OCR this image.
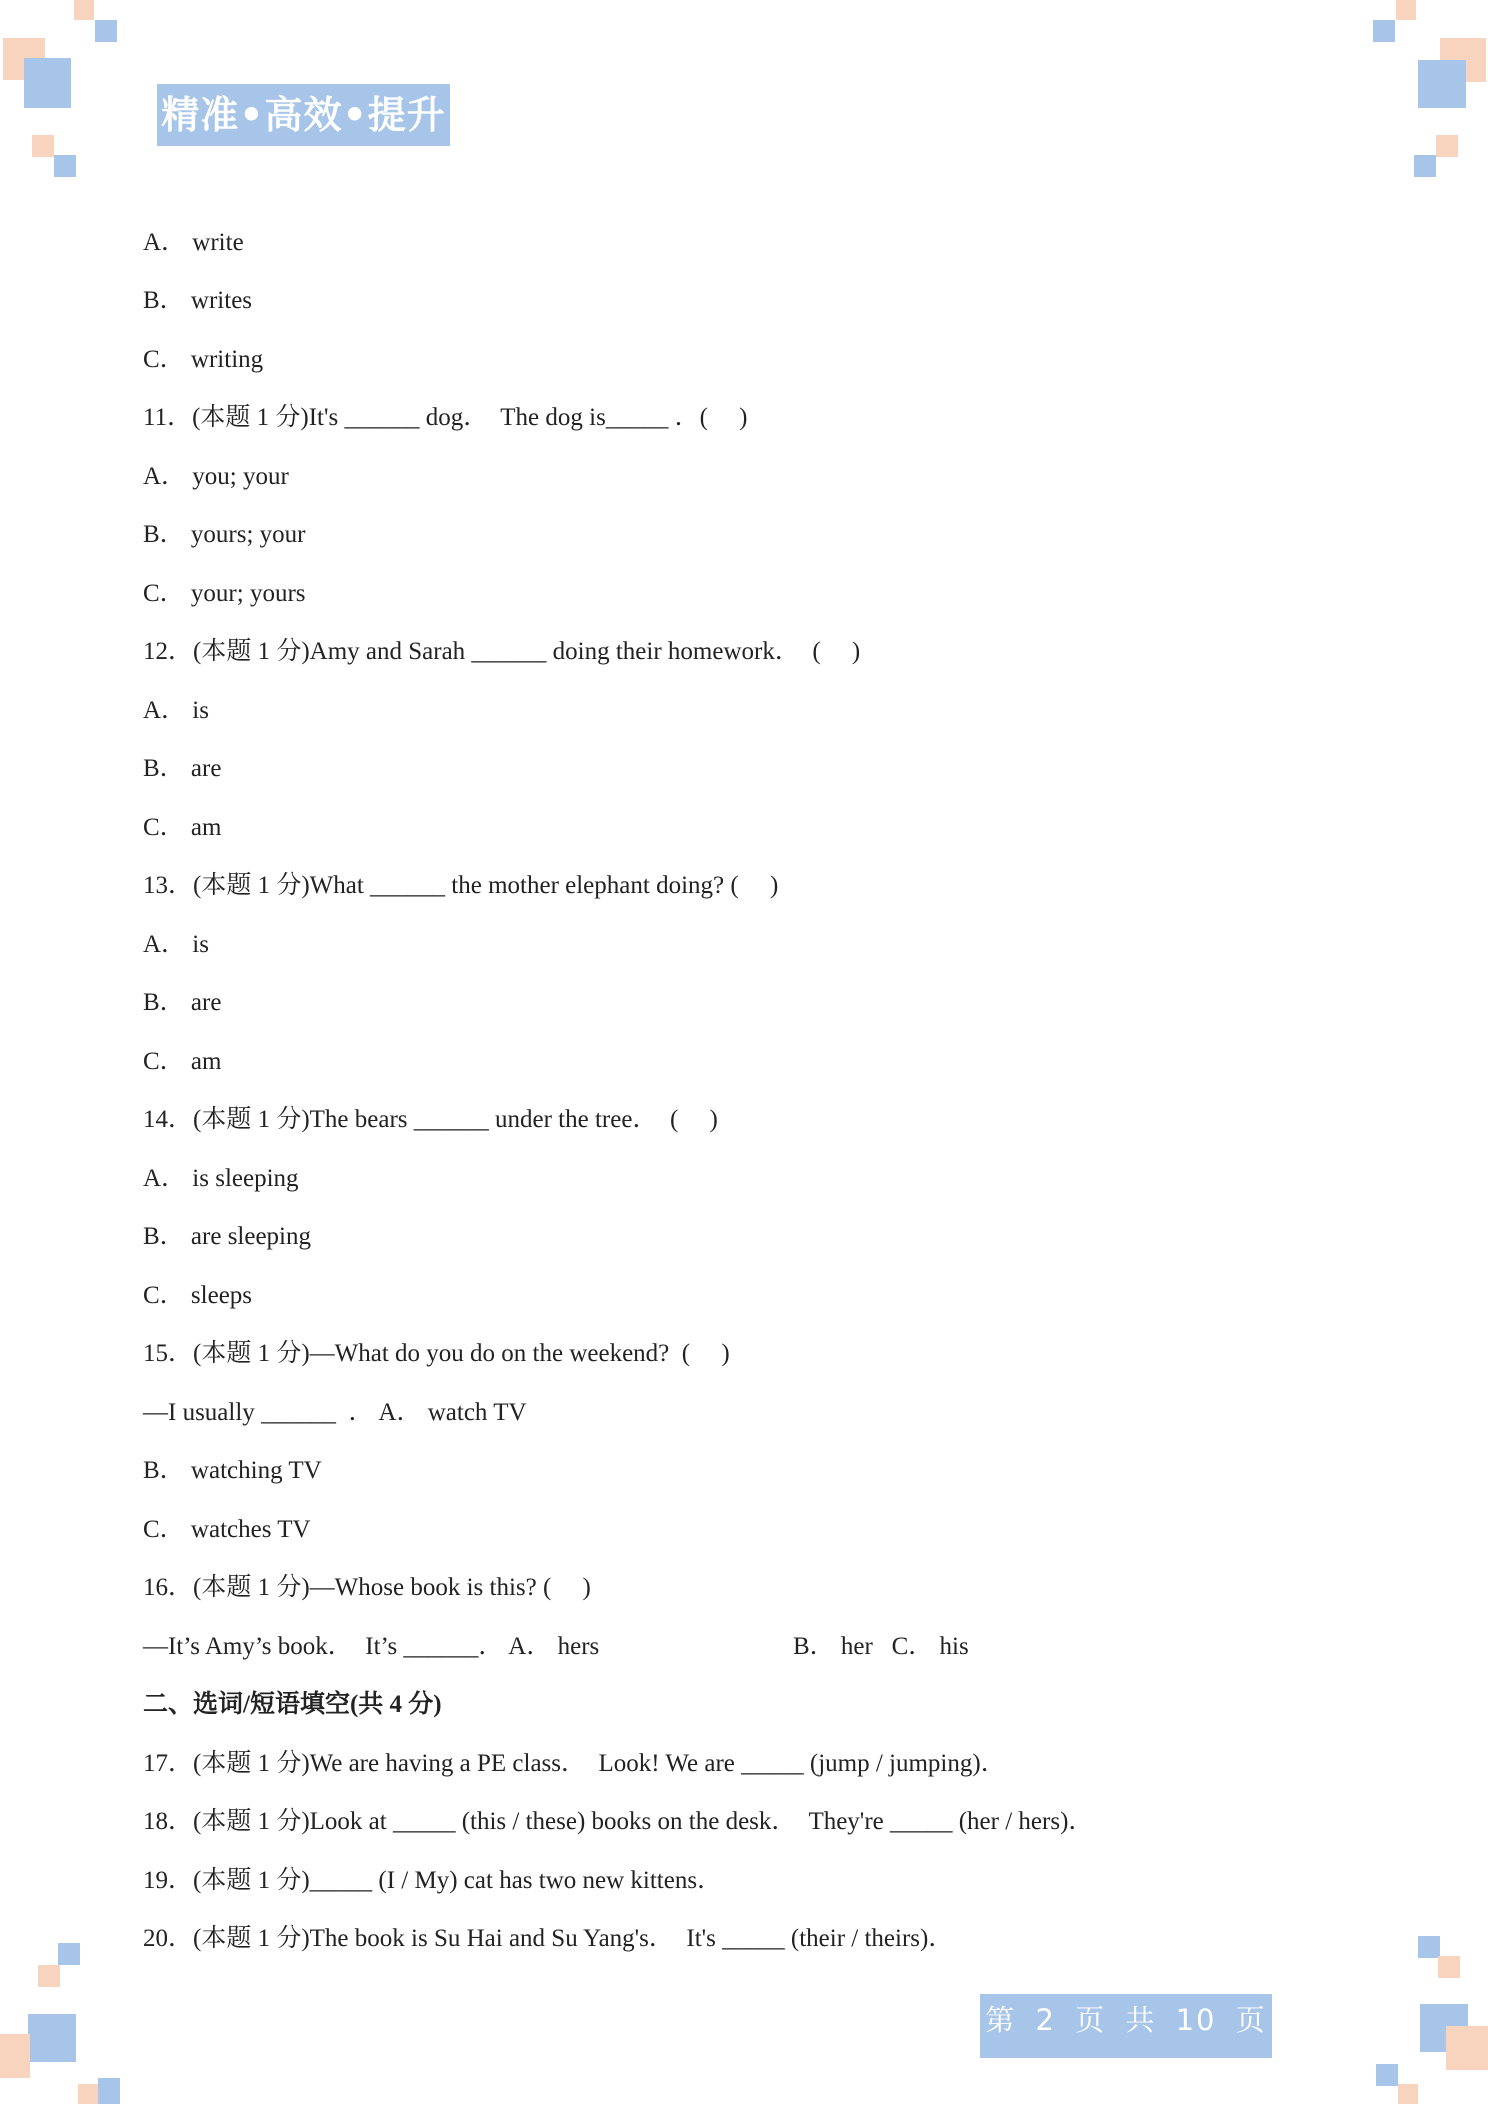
精准•高效•提升
A． write
B． writes
C． writing
11．(本题 1 分)It's ______ dog．  The dog is_____ ．(     )
A． you; your
B． yours; your
C． your; yours
12．(本题 1 分)Amy and Sarah ______ doing their homework．  (     )
A． is
B． are
C． am
13．(本题 1 分)What ______ the mother elephant doing? (     )
A． is
B． are
C． am
14．(本题 1 分)The bears ______ under the tree．  (     )
A． is sleeping
B． are sleeping
C． sleeps
15．(本题 1 分)—What do you do on the weekend?  (     )
—I usually ______  ． A． watch TV
B． watching TV
C． watches TV
16．(本题 1 分)—Whose book is this? (     )
—It’s Amy’s book．  It’s ______． A． hers                               B． her   C． his
二、选词/短语填空(共 4 分)
17．(本题 1 分)We are having a PE class．  Look! We are _____ (jump / jumping)．
18．(本题 1 分)Look at _____ (this / these) books on the desk．  They're _____ (her / hers)．
19．(本题 1 分)_____ (I / My) cat has two new kittens．
20．(本题 1 分)The book is Su Hai and Su Yang's．  It's _____ (their / theirs)．
第 2 页 共 10 页
